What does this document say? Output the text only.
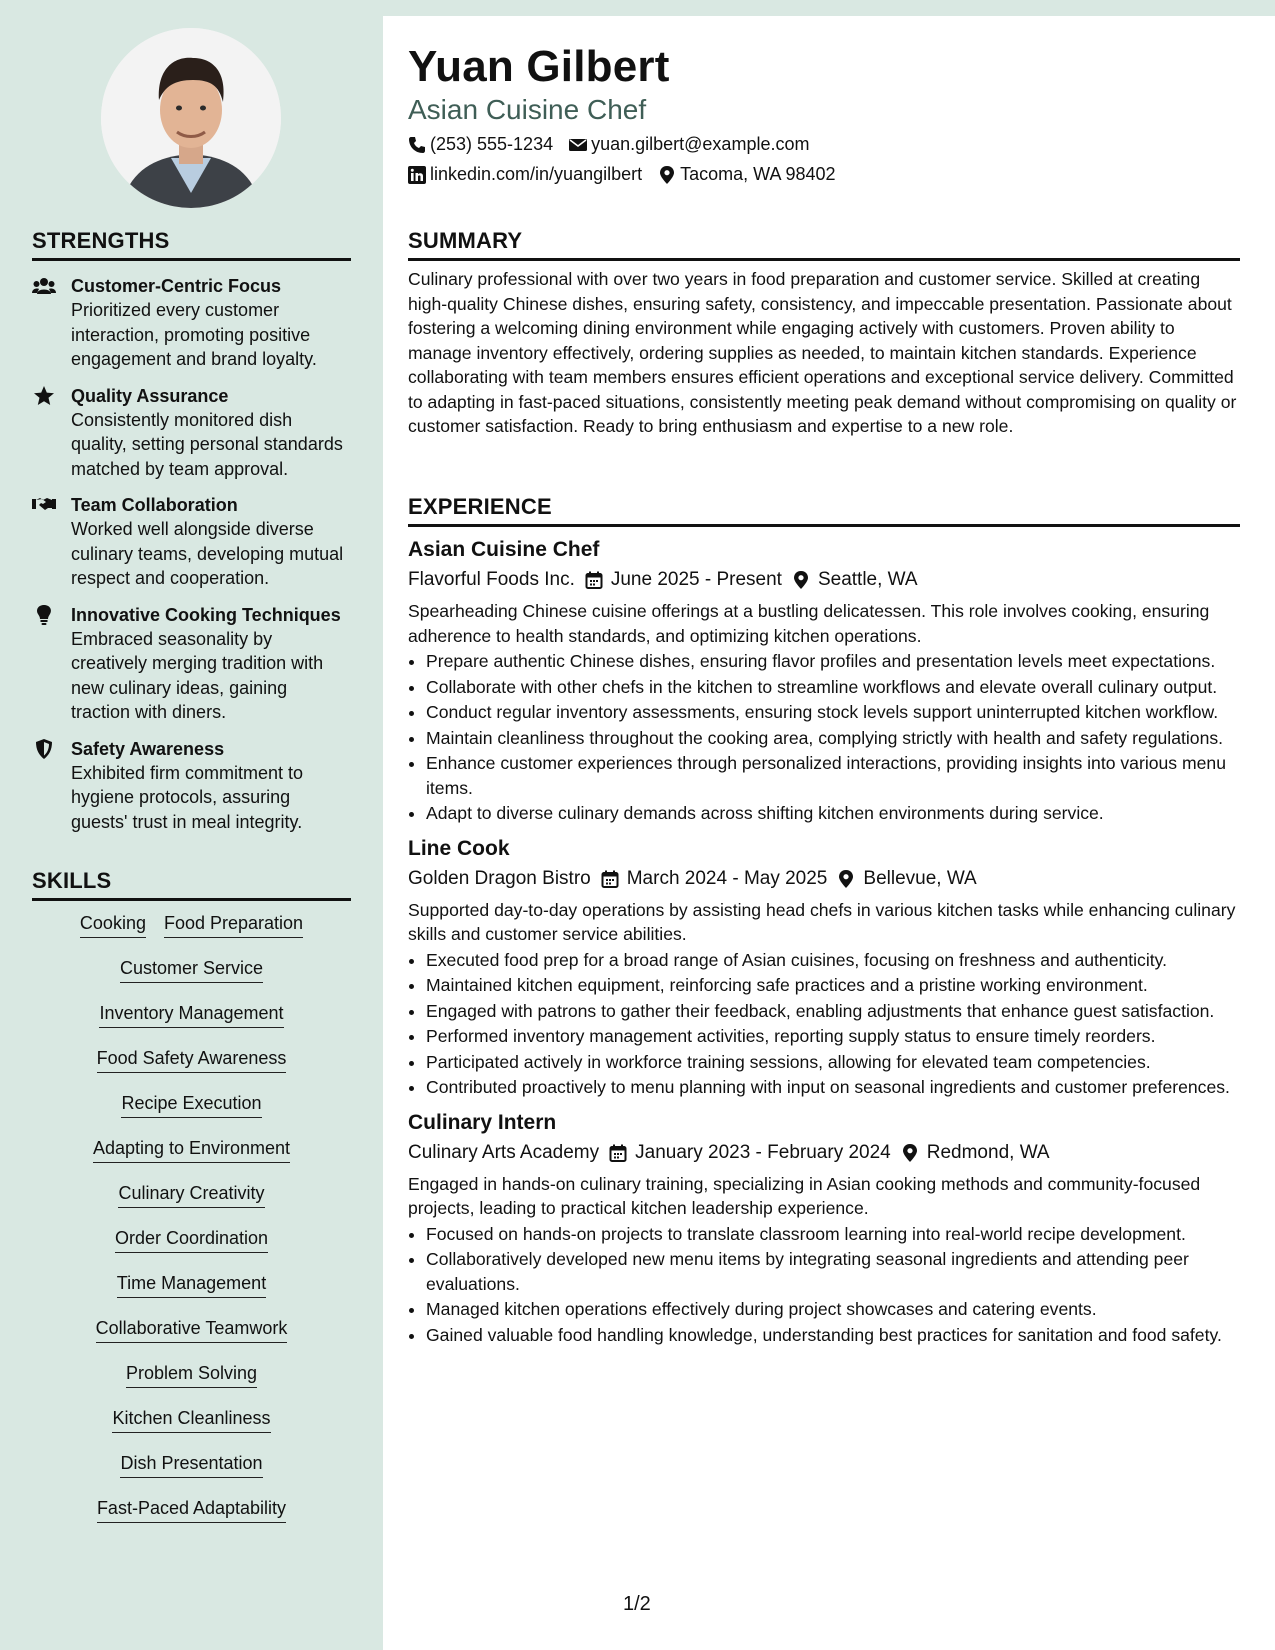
STRENGTHS
Customer-Centric Focus
Prioritized every customer interaction, promoting positive engagement and brand loyalty.
Quality Assurance
Consistently monitored dish quality, setting personal standards matched by team approval.
Team Collaboration
Worked well alongside diverse culinary teams, developing mutual respect and cooperation.
Innovative Cooking Techniques
Embraced seasonality by creatively merging tradition with new culinary ideas, gaining traction with diners.
Safety Awareness
Exhibited firm commitment to hygiene protocols, assuring guests' trust in meal integrity.
SKILLS
Cooking Food Preparation
Customer Service
Inventory Management
Food Safety Awareness
Recipe Execution
Adapting to Environment
Culinary Creativity
Order Coordination
Time Management
Collaborative Teamwork
Problem Solving
Kitchen Cleanliness
Dish Presentation
Fast-Paced Adaptability
Yuan Gilbert
Asian Cuisine Chef
(253) 555-1234 yuan.gilbert@example.com
linkedin.com/in/yuangilbert Tacoma, WA 98402
SUMMARY
Culinary professional with over two years in food preparation and customer service. Skilled at creating high-quality Chinese dishes, ensuring safety, consistency, and impeccable presentation. Passionate about fostering a welcoming dining environment while engaging actively with customers. Proven ability to manage inventory effectively, ordering supplies as needed, to maintain kitchen standards. Experience collaborating with team members ensures efficient operations and exceptional service delivery. Committed to adapting in fast-paced situations, consistently meeting peak demand without compromising on quality or customer satisfaction. Ready to bring enthusiasm and expertise to a new role.
EXPERIENCE
Asian Cuisine Chef
Flavorful Foods Inc. June 2025 - Present Seattle, WA
Spearheading Chinese cuisine offerings at a bustling delicatessen. This role involves cooking, ensuring adherence to health standards, and optimizing kitchen operations.
• Prepare authentic Chinese dishes, ensuring flavor profiles and presentation levels meet expectations.
• Collaborate with other chefs in the kitchen to streamline workflows and elevate overall culinary output.
• Conduct regular inventory assessments, ensuring stock levels support uninterrupted kitchen workflow.
• Maintain cleanliness throughout the cooking area, complying strictly with health and safety regulations.
• Enhance customer experiences through personalized interactions, providing insights into various menu items.
• Adapt to diverse culinary demands across shifting kitchen environments during service.
Line Cook
Golden Dragon Bistro March 2024 - May 2025 Bellevue, WA
Supported day-to-day operations by assisting head chefs in various kitchen tasks while enhancing culinary skills and customer service abilities.
• Executed food prep for a broad range of Asian cuisines, focusing on freshness and authenticity.
• Maintained kitchen equipment, reinforcing safe practices and a pristine working environment.
• Engaged with patrons to gather their feedback, enabling adjustments that enhance guest satisfaction.
• Performed inventory management activities, reporting supply status to ensure timely reorders.
• Participated actively in workforce training sessions, allowing for elevated team competencies.
• Contributed proactively to menu planning with input on seasonal ingredients and customer preferences.
Culinary Intern
Culinary Arts Academy January 2023 - February 2024 Redmond, WA
Engaged in hands-on culinary training, specializing in Asian cooking methods and community-focused projects, leading to practical kitchen leadership experience.
• Focused on hands-on projects to translate classroom learning into real-world recipe development.
• Collaboratively developed new menu items by integrating seasonal ingredients and attending peer evaluations.
• Managed kitchen operations effectively during project showcases and catering events.
• Gained valuable food handling knowledge, understanding best practices for sanitation and food safety.
1/2
